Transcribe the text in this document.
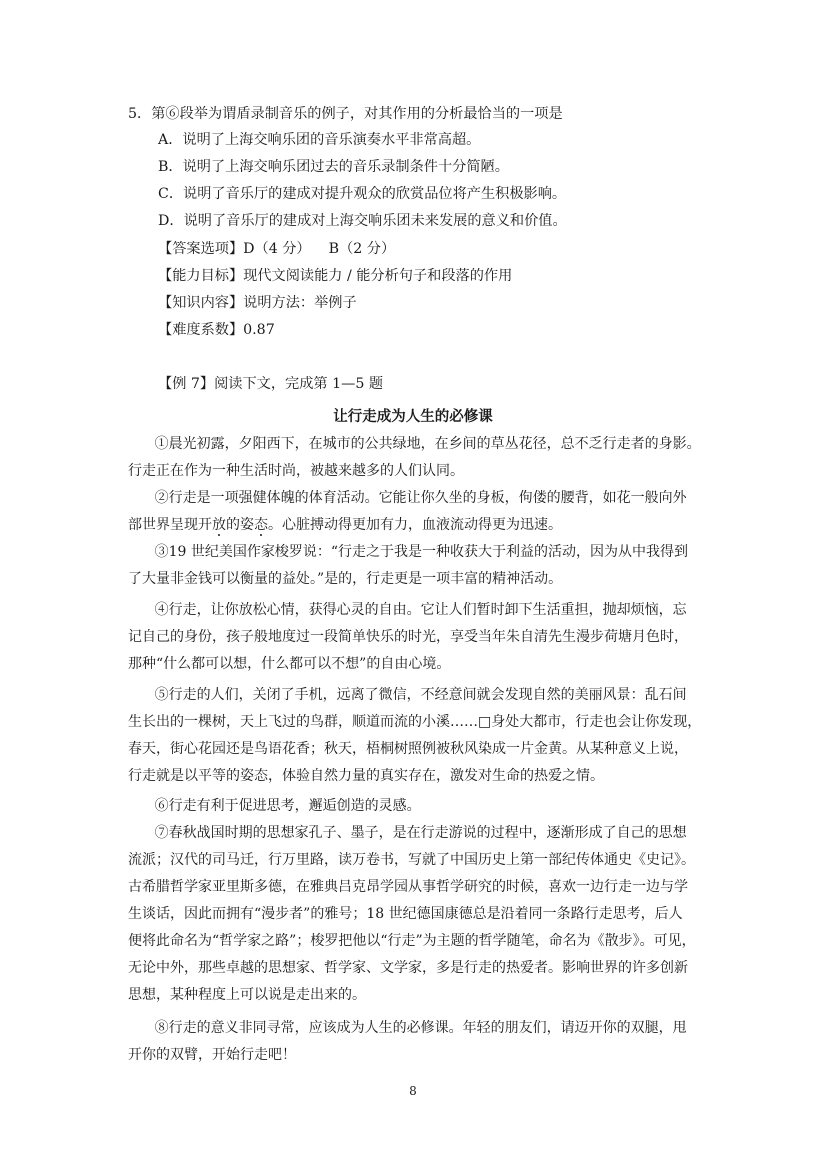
5．第⑥段举为谓盾录制音乐的例子，对其作用的分析最恰当的一项是
A．说明了上海交响乐团的音乐演奏水平非常高超。
B．说明了上海交响乐团过去的音乐录制条件十分简陋。
C．说明了音乐厅的建成对提升观众的欣赏品位将产生积极影响。
D．说明了音乐厅的建成对上海交响乐团未来发展的意义和价值。
【答案选项】D（4 分）    B（2 分）
【能力目标】现代文阅读能力 / 能分析句子和段落的作用
【知识内容】说明方法：举例子
【难度系数】0.87
【例 7】阅读下文，完成第 1—5 题
让行走成为人生的必修课
①晨光初露，夕阳西下，在城市的公共绿地，在乡间的草丛花径，总不乏行走者的身影。
行走正在作为一种生活时尚，被越来越多的人们认同。
②行走是一项强健体魄的体育活动。它能让你久坐的身板，佝偻的腰背，如花一般向外
部世界呈现开放的姿态。心脏搏动得更加有力，血液流动得更为迅速。
③19 世纪美国作家梭罗说：“行走之于我是一种收获大于利益的活动，因为从中我得到
了大量非金钱可以衡量的益处。”是的，行走更是一项丰富的精神活动。
④行走，让你放松心情，获得心灵的自由。它让人们暂时卸下生活重担，抛却烦恼，忘
记自己的身份，孩子般地度过一段简单快乐的时光，享受当年朱自清先生漫步荷塘月色时，
那种“什么都可以想，什么都可以不想”的自由心境。
⑤行走的人们，关闭了手机，远离了微信，不经意间就会发现自然的美丽风景：乱石间
生长出的一棵树，天上飞过的鸟群，顺道而流的小溪……□身处大都市，行走也会让你发现，
春天，街心花园还是鸟语花香；秋天，梧桐树照例被秋风染成一片金黄。从某种意义上说，
行走就是以平等的姿态，体验自然力量的真实存在，激发对生命的热爱之情。
⑥行走有利于促进思考，邂逅创造的灵感。
⑦春秋战国时期的思想家孔子、墨子，是在行走游说的过程中，逐渐形成了自己的思想
流派；汉代的司马迁，行万里路，读万卷书，写就了中国历史上第一部纪传体通史《史记》。
古希腊哲学家亚里斯多德，在雅典吕克昂学园从事哲学研究的时候，喜欢一边行走一边与学
生谈话，因此而拥有“漫步者”的雅号；18 世纪德国康德总是沿着同一条路行走思考，后人
便将此命名为“哲学家之路”；梭罗把他以“行走”为主题的哲学随笔，命名为《散步》。可见，
无论中外，那些卓越的思想家、哲学家、文学家，多是行走的热爱者。影响世界的许多创新
思想，某种程度上可以说是走出来的。
⑧行走的意义非同寻常，应该成为人生的必修课。年轻的朋友们，请迈开你的双腿，甩
开你的双臂，开始行走吧！
8
